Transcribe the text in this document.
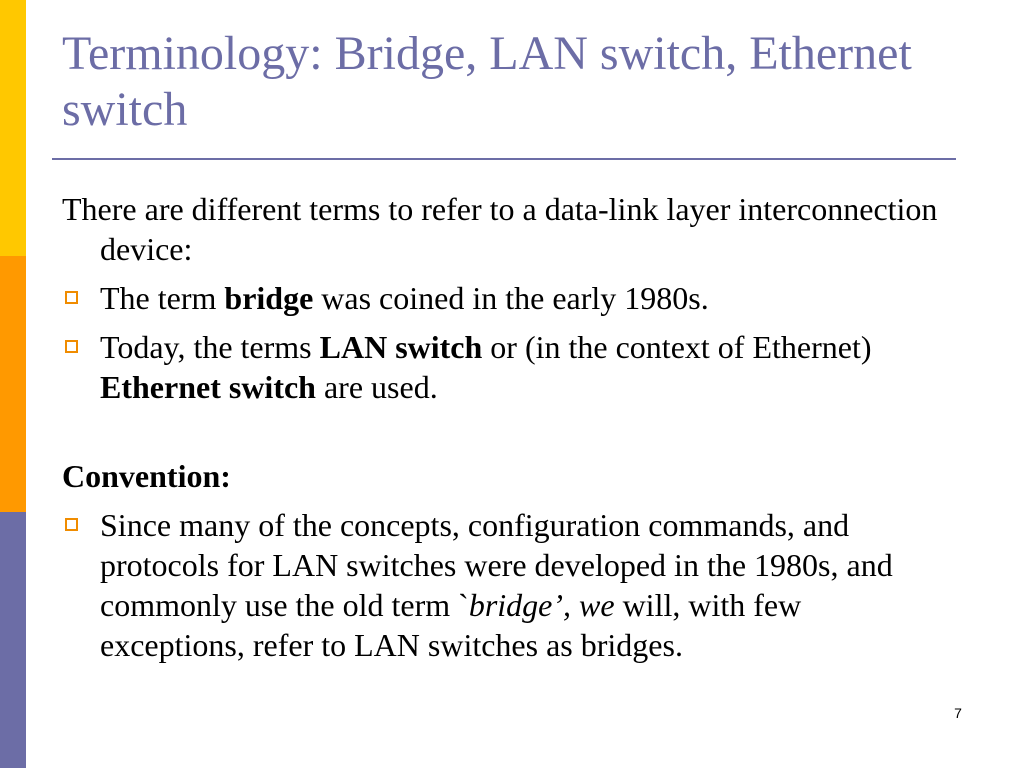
Terminology: Bridge, LAN switch, Ethernet switch

There are different terms to refer to a data-link layer interconnection device:

The term bridge was coined in the early 1980s.
Today, the terms LAN switch or (in the context of Ethernet) Ethernet switch are used.

Convention:

Since many of the concepts, configuration commands, and protocols for LAN switches were developed in the 1980s, and commonly use the old term `bridge’, we will, with few exceptions, refer to LAN switches as bridges.
7
